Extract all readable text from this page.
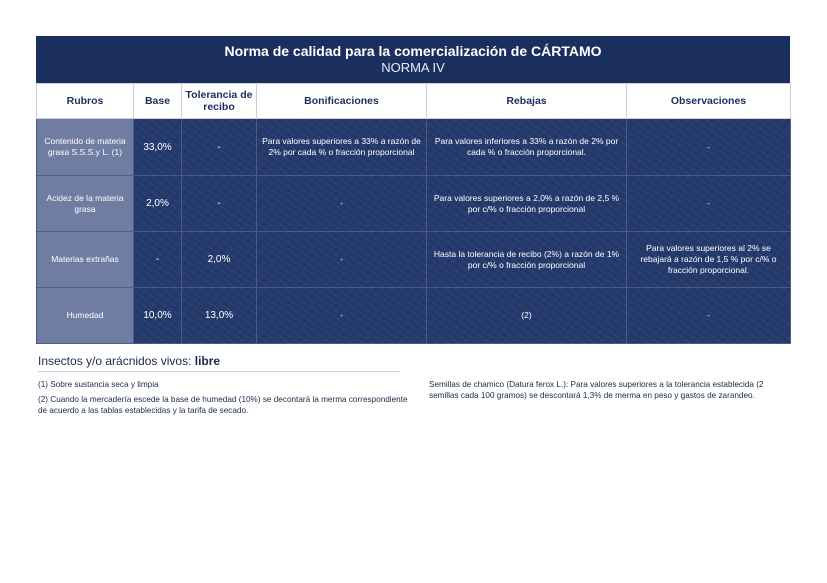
Norma de calidad para la comercialización de CÁRTAMO
NORMA IV
Rubros	Base	Tolerancia de recibo	Bonificaciones	Rebajas	Observaciones
Contenido de materia grasa S.S.S.y L. (1)	33,0%	-	Para valores superiores a 33% a razón de 2% por cada % o fracción proporcional	Para valores inferiores a 33% a razón de 2% por cada % o fracción proporcional.	-
Acidez de la materia grasa	2,0%	-	-	Para valores superiores a 2,0% a razón de 2,5 % por c/% o fracción proporcional	-
Materias extrañas	-	2,0%	-	Hasta la tolerancia de recibo (2%) a razón de 1% por c/% o fracción proporcional	Para valores superiores al 2% se rebajará a razón de 1,5 % por c/% o fracción proporcional.
Humedad	10,0%	13,0%	-	(2)	-
Insectos y/o arácnidos vivos: libre

(1) Sobre sustancia seca y limpia

(2) Cuando la mercadería escede la base de humedad (10%) se decontará la merma correspondiente de acuerdo a las tablas establecidas y la tarifa de secado.

Semillas de chamico (Datura ferox L.): Para valores superiores a la tolerancia establecida (2 semillas cada 100 gramos) se descontará 1,3% de merma en peso y gastos de zarandeo.
